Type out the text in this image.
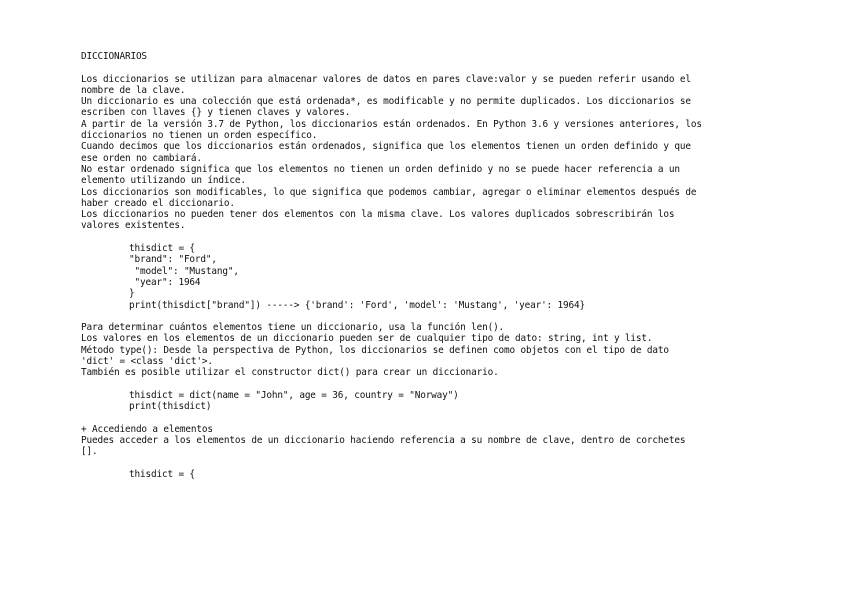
DICCIONARIOS
Los diccionarios se utilizan para almacenar valores de datos en pares clave:valor y se pueden referir usando el
nombre de la clave.
Un diccionario es una colección que está ordenada*, es modificable y no permite duplicados. Los diccionarios se
escriben con llaves {} y tienen claves y valores.
A partir de la versión 3.7 de Python, los diccionarios están ordenados. En Python 3.6 y versiones anteriores, los
diccionarios no tienen un orden específico.
Cuando decimos que los diccionarios están ordenados, significa que los elementos tienen un orden definido y que
ese orden no cambiará.
No estar ordenado significa que los elementos no tienen un orden definido y no se puede hacer referencia a un
elemento utilizando un índice.
Los diccionarios son modificables, lo que significa que podemos cambiar, agregar o eliminar elementos después de
haber creado el diccionario.
Los diccionarios no pueden tener dos elementos con la misma clave. Los valores duplicados sobrescribirán los
valores existentes.
thisdict = {
"brand": "Ford",
"model": "Mustang",
"year": 1964
}
print(thisdict["brand"]) -----> {'brand': 'Ford', 'model': 'Mustang', 'year': 1964}
Para determinar cuántos elementos tiene un diccionario, usa la función len().
Los valores en los elementos de un diccionario pueden ser de cualquier tipo de dato: string, int y list.
Método type(): Desde la perspectiva de Python, los diccionarios se definen como objetos con el tipo de dato
'dict' = <class 'dict'>.
También es posible utilizar el constructor dict() para crear un diccionario.
thisdict = dict(name = "John", age = 36, country = "Norway")
print(thisdict)
+ Accediendo a elementos
Puedes acceder a los elementos de un diccionario haciendo referencia a su nombre de clave, dentro de corchetes
[].
thisdict = {
